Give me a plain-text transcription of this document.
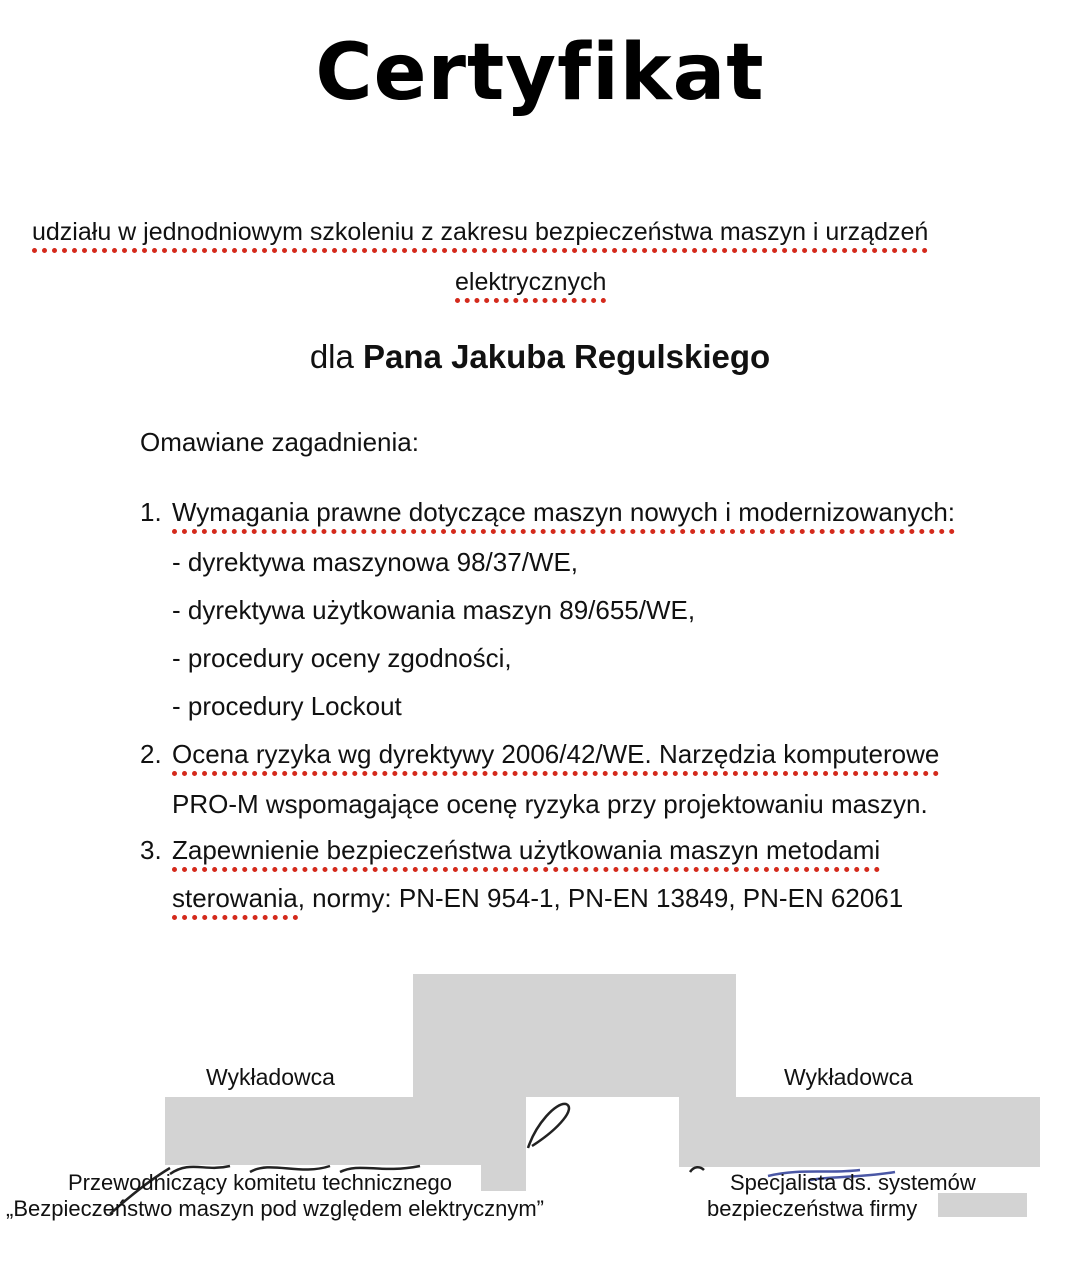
Certyfikat
udziału w jednodniowym szkoleniu z zakresu bezpieczeństwa maszyn i urządzeń
elektrycznych
dla Pana Jakuba Regulskiego
Omawiane zagadnienia:
1. Wymagania prawne dotyczące maszyn nowych i modernizowanych:
- dyrektywa maszynowa 98/37/WE,
- dyrektywa użytkowania maszyn 89/655/WE,
- procedury oceny zgodności,
- procedury Lockout
2. Ocena ryzyka wg dyrektywy 2006/42/WE. Narzędzia komputerowe
PRO-M wspomagające ocenę ryzyka przy projektowaniu maszyn.
3. Zapewnienie bezpieczeństwa użytkowania maszyn metodami
sterowania, normy: PN-EN 954-1, PN-EN 13849, PN-EN 62061
Wykładowca	Wykładowca
Przewodniczący komitetu technicznego
„Bezpieczeństwo maszyn pod względem elektrycznym”
Specjalista ds. systemów
bezpieczeństwa firmy
